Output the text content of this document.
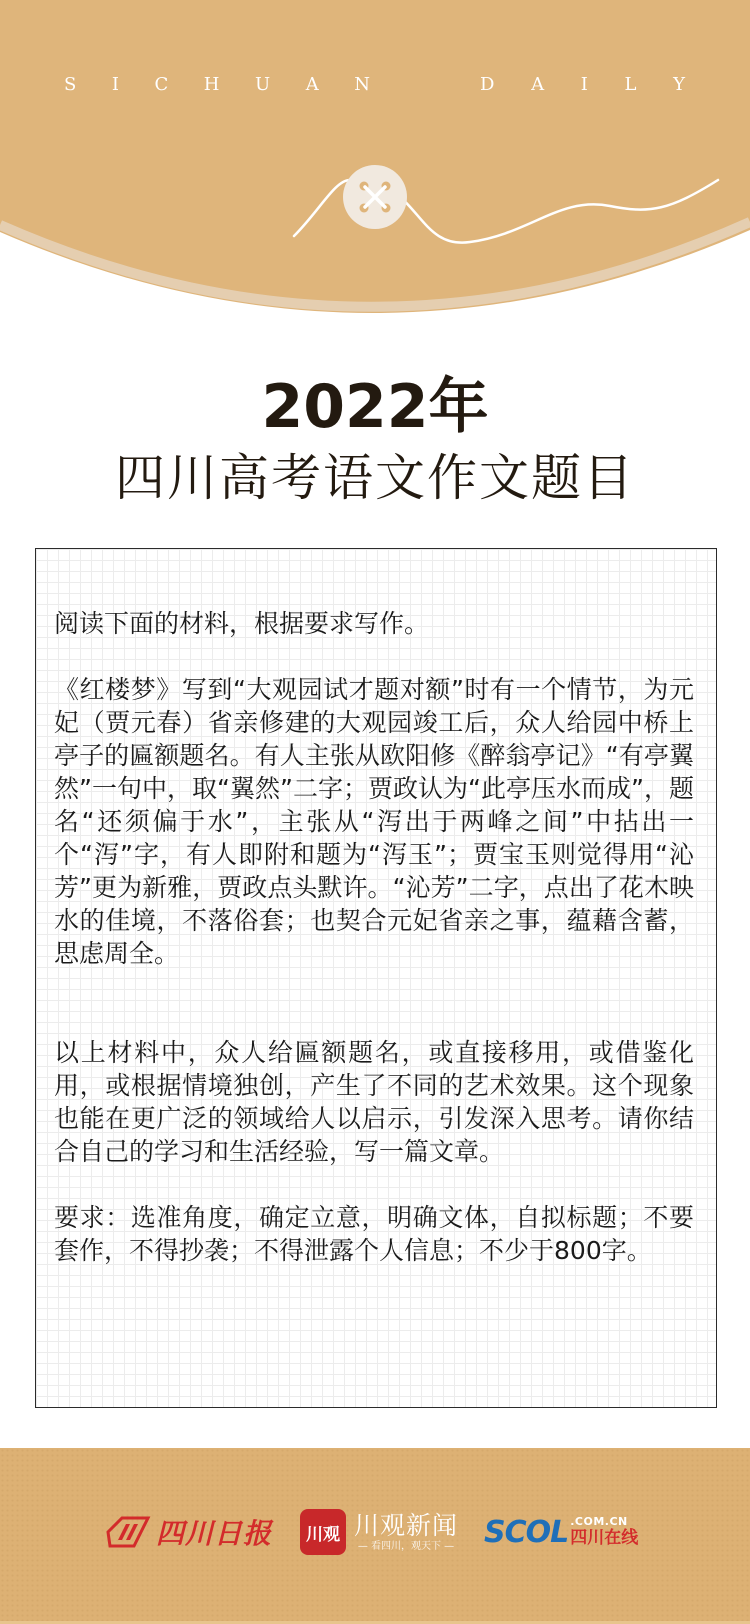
S I C H U A N	D A I L Y
2022年
四川高考语文作文题目

阅读下面的材料，根据要求写作。

《红楼梦》写到“大观园试才题对额”时有一个情节，为元妃（贾元春）省亲修建的大观园竣工后，众人给园中桥上亭子的匾额题名。有人主张从欧阳修《醉翁亭记》“有亭翼然”一句中，取“翼然”二字；贾政认为“此亭压水而成”，题名“还须偏于水”，主张从“泻出于两峰之间”中拈出一个“泻”字，有人即附和题为“泻玉”；贾宝玉则觉得用“沁芳”更为新雅，贾政点头默许。“沁芳”二字，点出了花木映水的佳境，不落俗套；也契合元妃省亲之事，蕴藉含蓄，思虑周全。

以上材料中，众人给匾额题名，或直接移用，或借鉴化用，或根据情境独创，产生了不同的艺术效果。这个现象也能在更广泛的领域给人以启示，引发深入思考。请你结合自己的学习和生活经验，写一篇文章。

要求：选准角度，确定立意，明确文体，自拟标题；不要套作，不得抄袭；不得泄露个人信息；不少于800字。

四川日报	川观 川观新闻
— 看四川，观天下 — SCOL .COM.CN
四川在线
